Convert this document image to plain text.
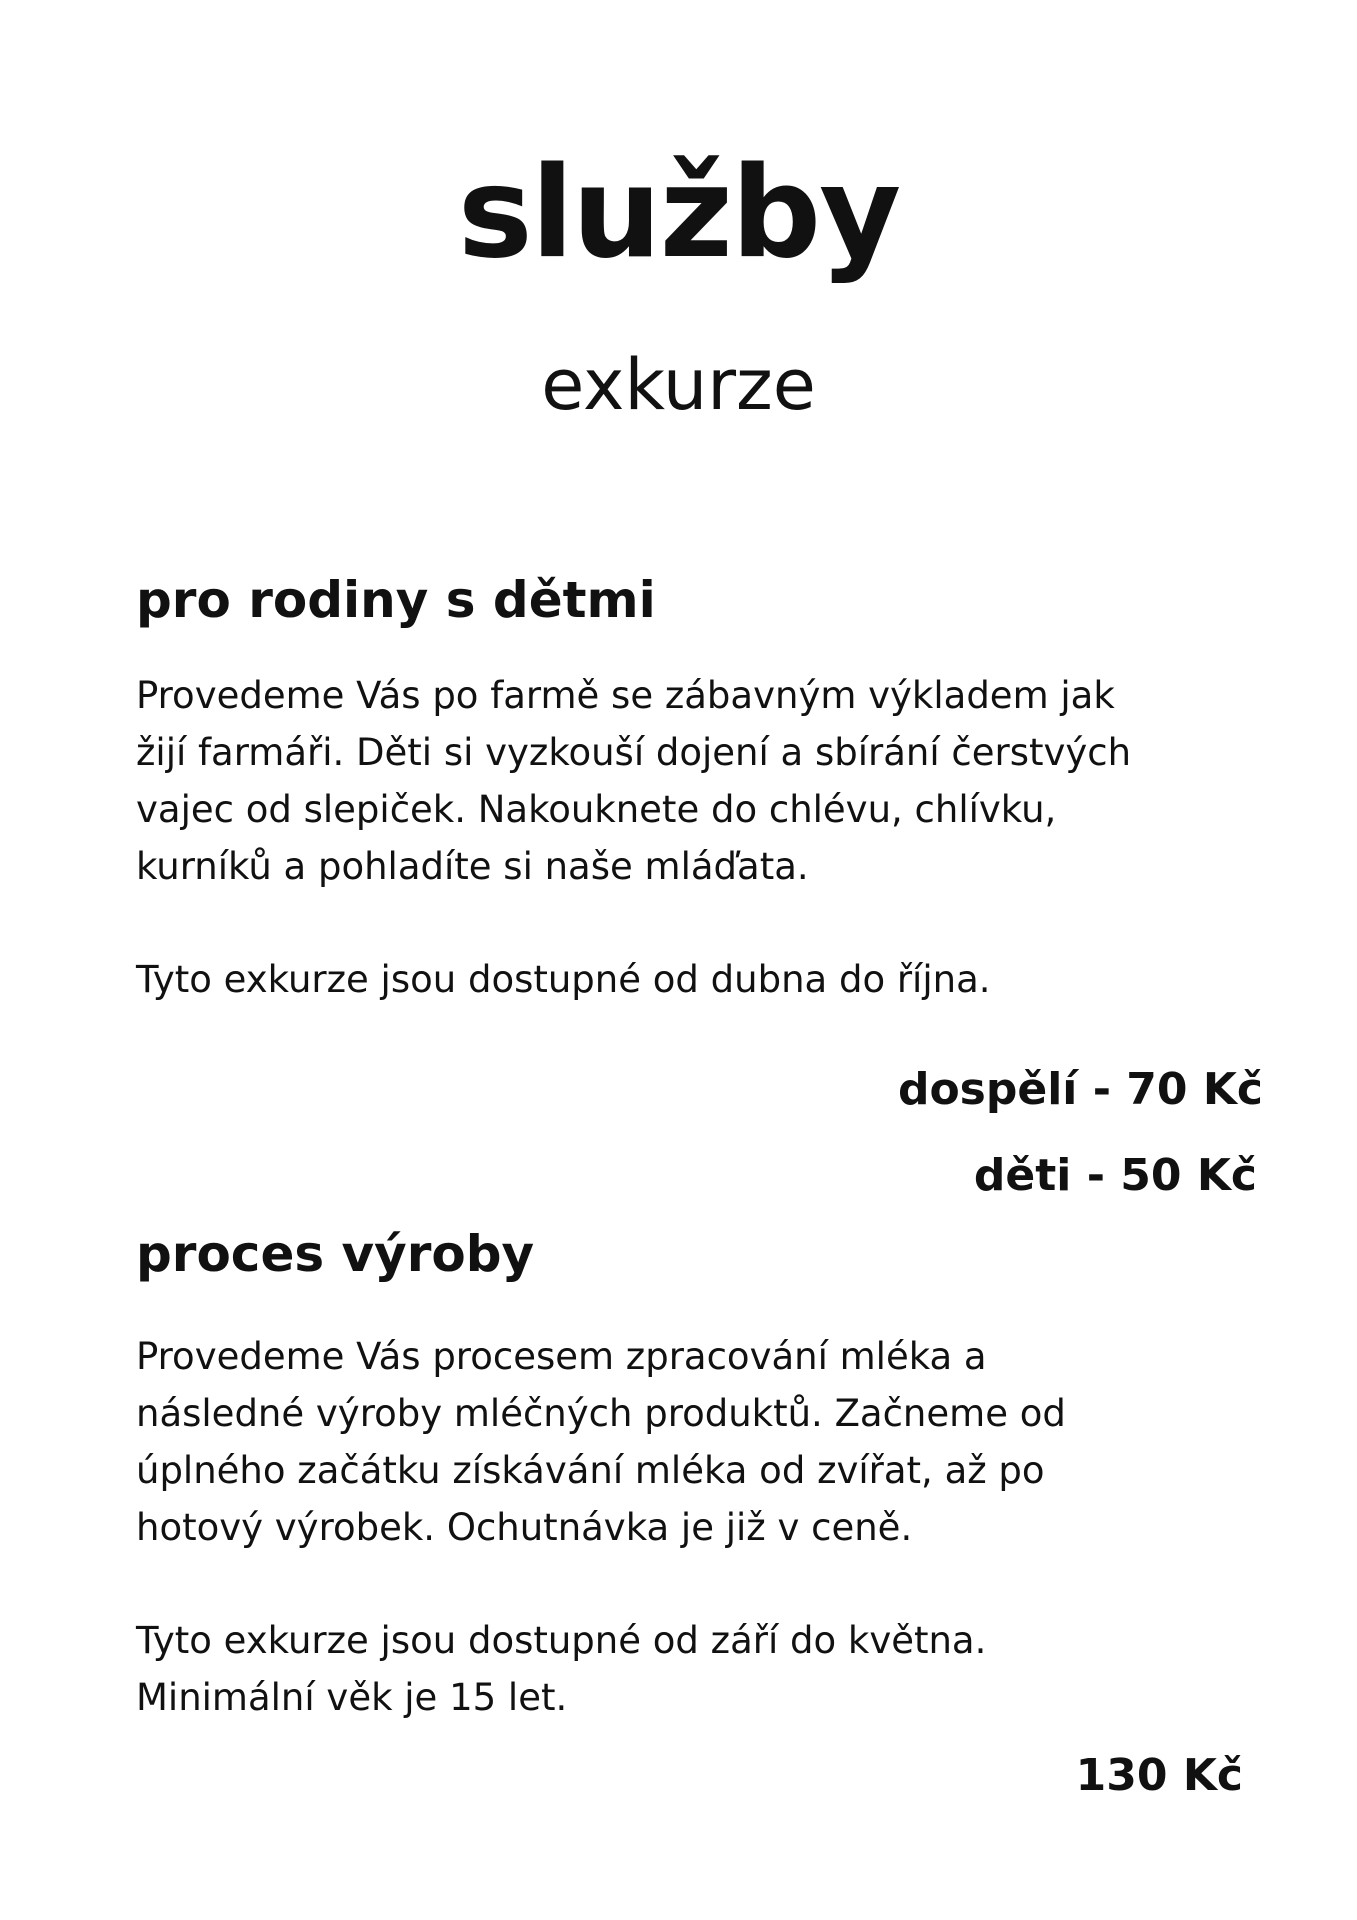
služby
exkurze
pro rodiny s dětmi

Provedeme Vás po farmě se zábavným výkladem jak
žijí farmáři. Děti si vyzkouší dojení a sbírání čerstvých
vajec od slepiček. Nakouknete do chlévu, chlívku,
kurníků a pohladíte si naše mláďata.

Tyto exkurze jsou dostupné od dubna do října.

dospělí - 70 Kč
děti - 50 Kč
proces výroby

Provedeme Vás procesem zpracování mléka a
následné výroby mléčných produktů. Začneme od
úplného začátku získávání mléka od zvířat, až po
hotový výrobek. Ochutnávka je již v ceně.

Tyto exkurze jsou dostupné od září do května.
Minimální věk je 15 let.

130 Kč
